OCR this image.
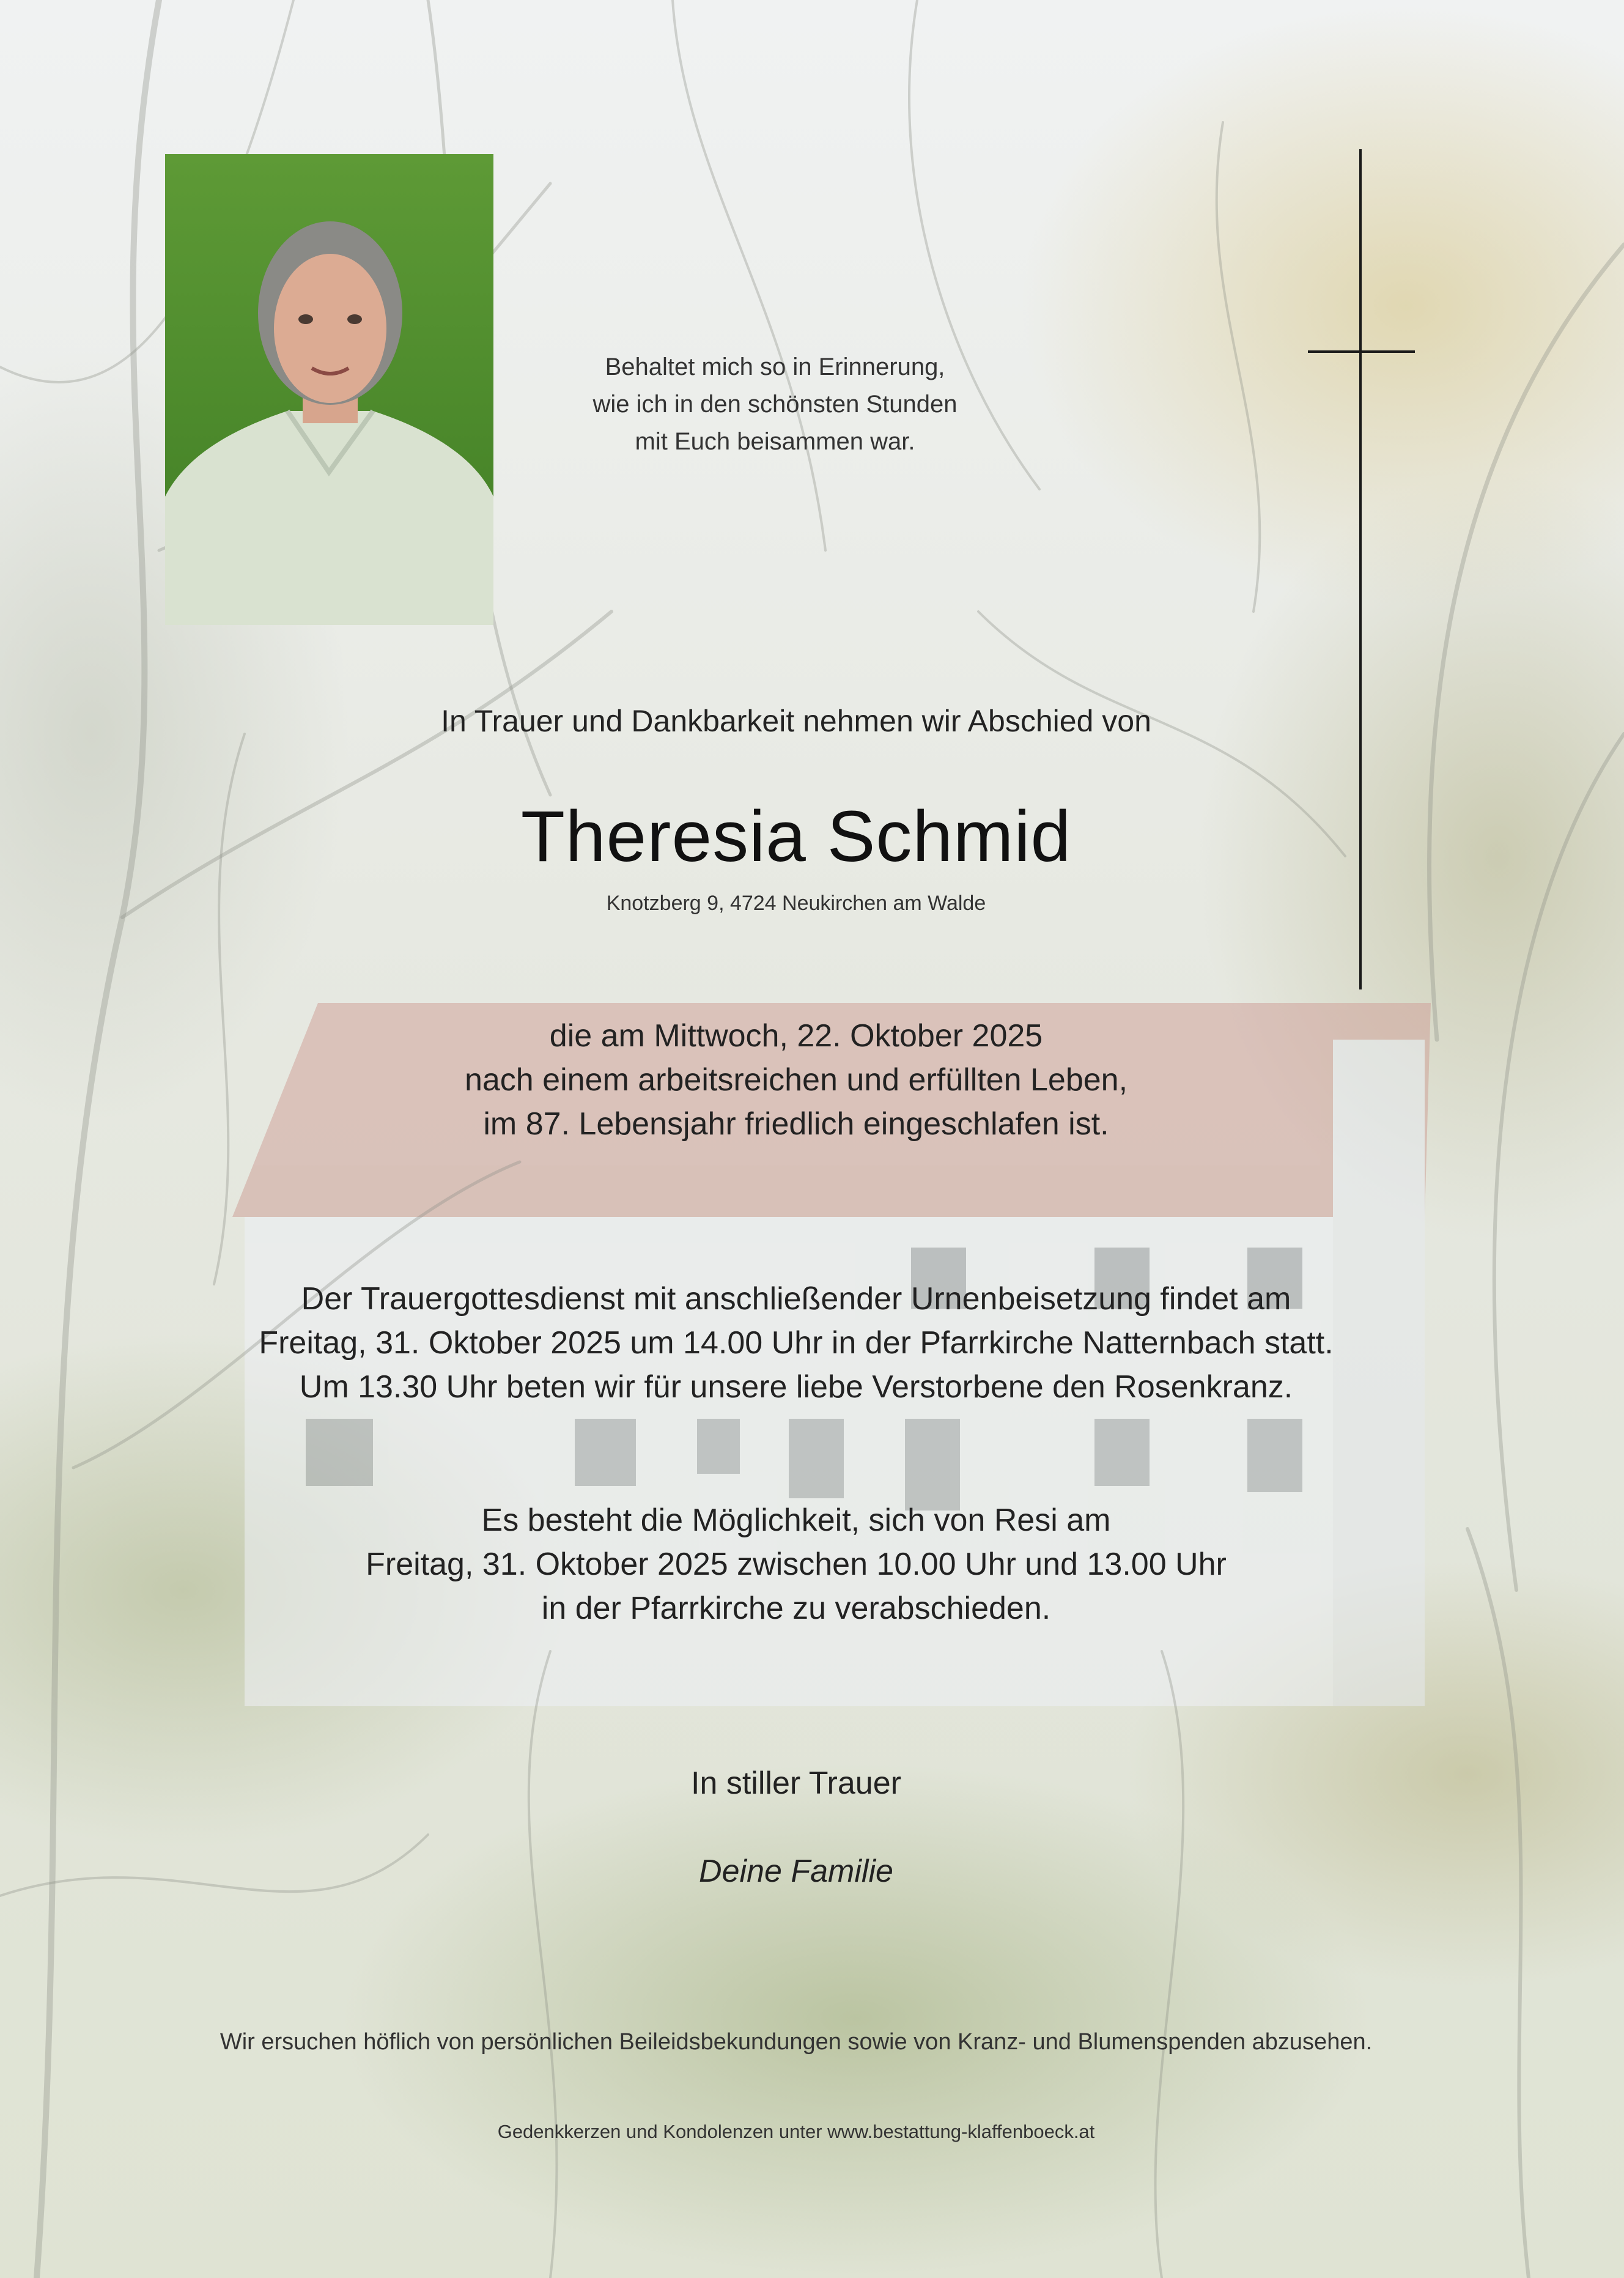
Behaltet mich so in Erinnerung,
wie ich in den schönsten Stunden
mit Euch beisammen war.
In Trauer und Dankbarkeit nehmen wir Abschied von
Theresia Schmid
Knotzberg 9, 4724 Neukirchen am Walde
die am Mittwoch, 22. Oktober 2025
nach einem arbeitsreichen und erfüllten Leben,
im 87. Lebensjahr friedlich eingeschlafen ist.
Der Trauergottesdienst mit anschließender Urnenbeisetzung findet am
Freitag, 31. Oktober 2025 um 14.00 Uhr in der Pfarrkirche Natternbach statt.
Um 13.30 Uhr beten wir für unsere liebe Verstorbene den Rosenkranz.
Es besteht die Möglichkeit, sich von Resi am
Freitag, 31. Oktober 2025 zwischen 10.00 Uhr und 13.00 Uhr
in der Pfarrkirche zu verabschieden.
In stiller Trauer
Deine Familie
Wir ersuchen höflich von persönlichen Beileidsbekundungen sowie von Kranz- und Blumenspenden abzusehen.
Gedenkkerzen und Kondolenzen unter www.bestattung-klaffenboeck.at
